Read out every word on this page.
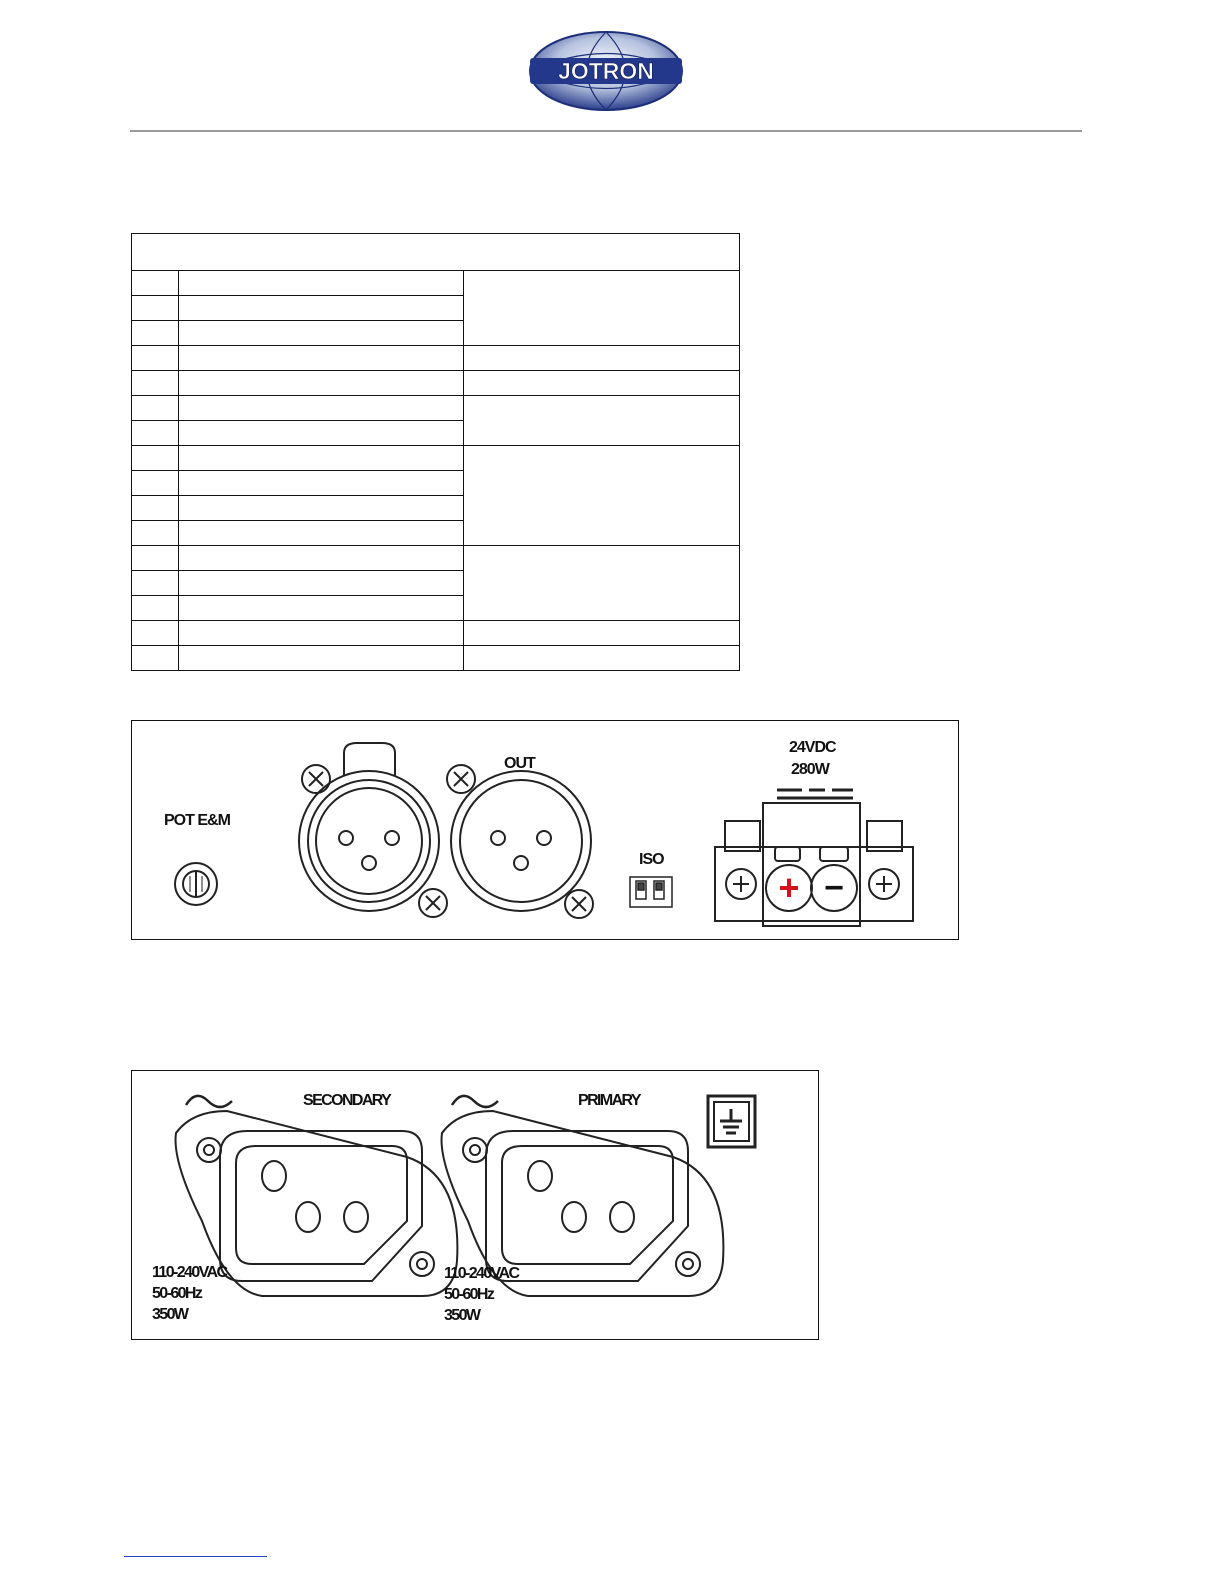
JOTRON

+ −
POT E&M
OUT
ISO
24VDC
280W
SECONDARY	PRIMARY
110-240VAC
50-60Hz
350W
110-240VAC
50-60Hz
350W
